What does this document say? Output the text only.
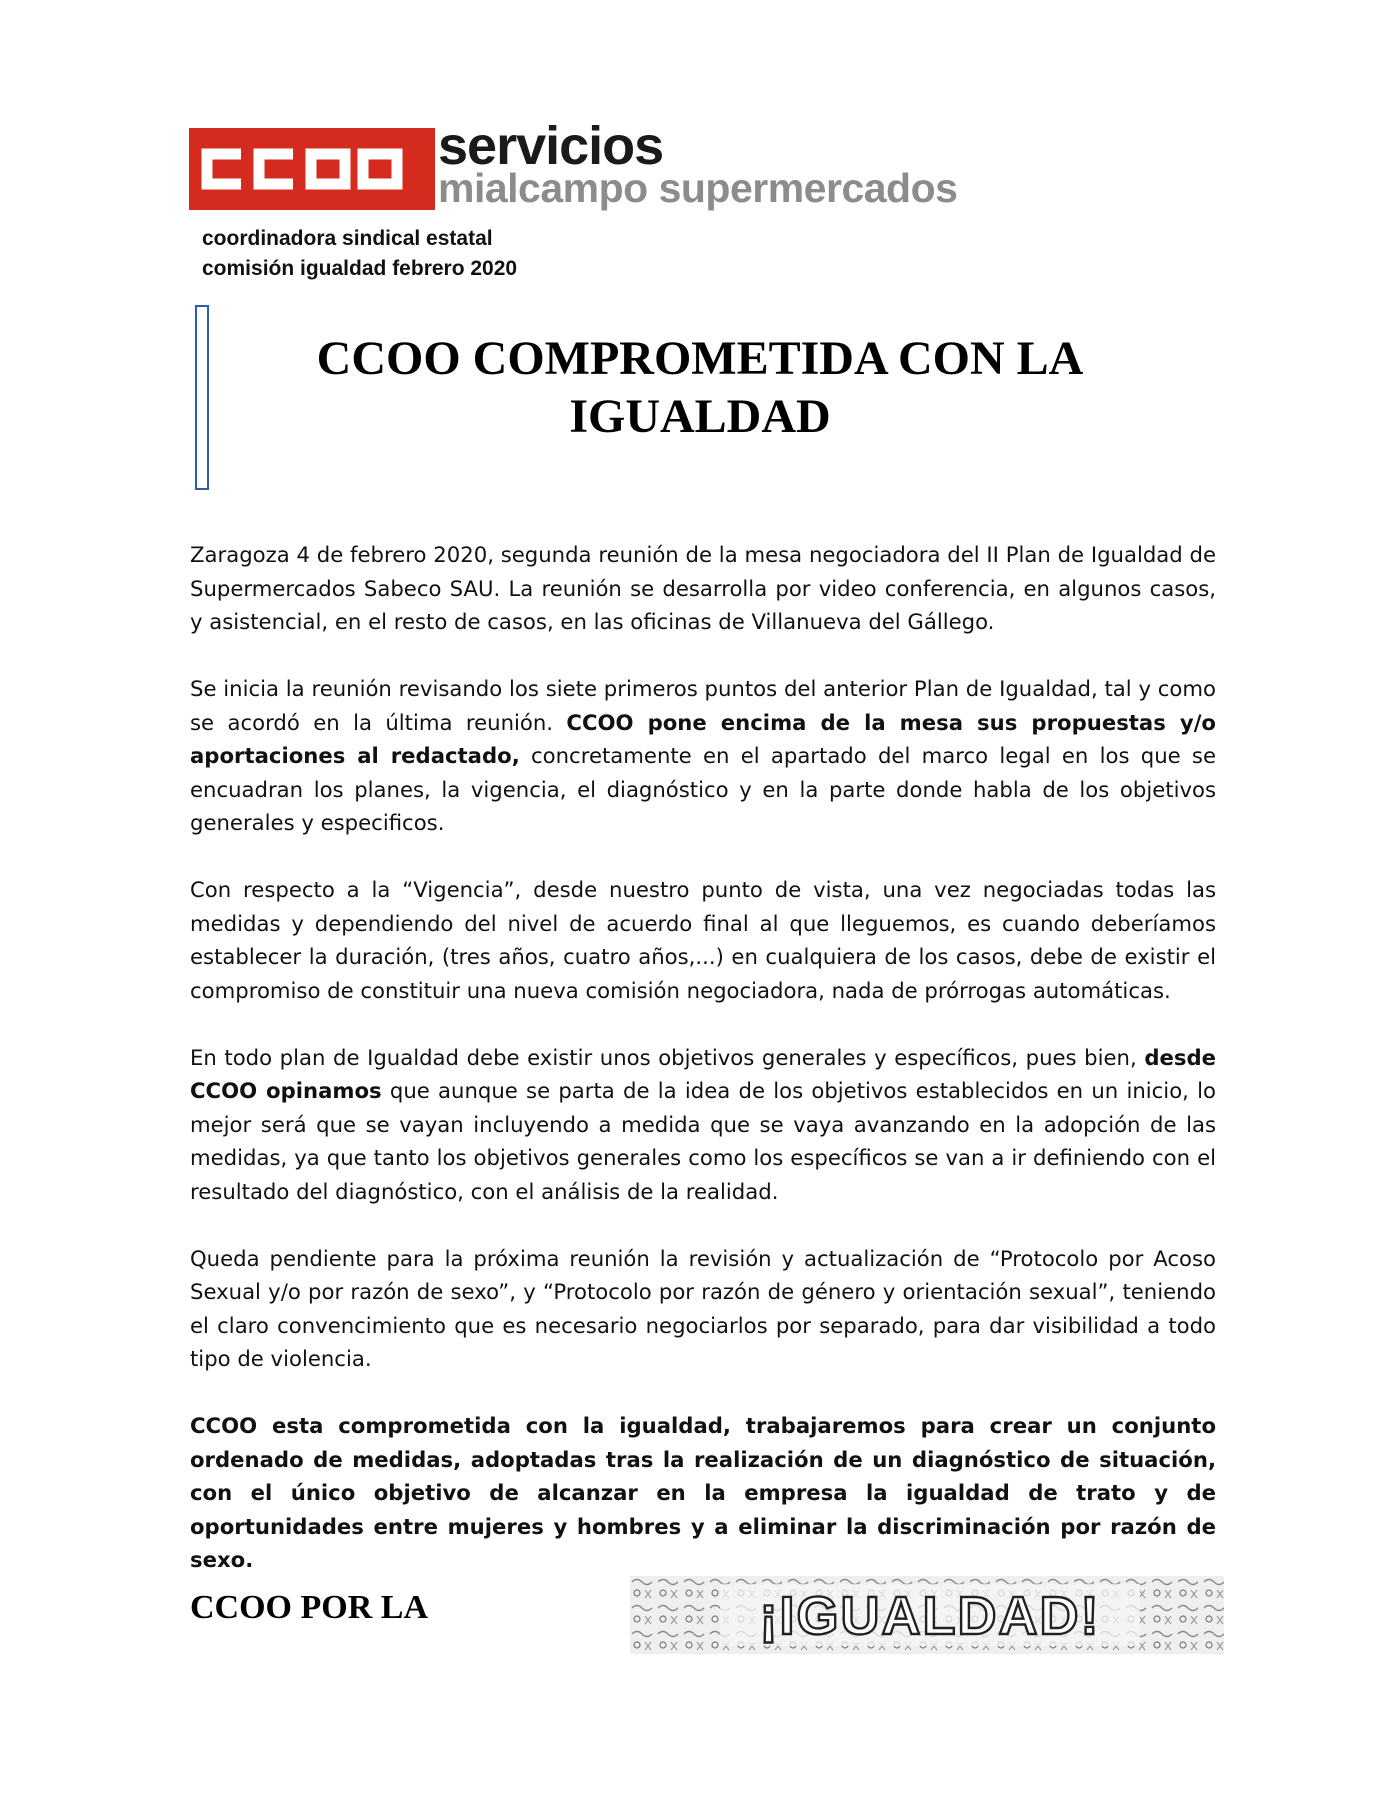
servicios
mialcampo supermercados
coordinadora sindical estatal
comisión igualdad febrero 2020
CCOO COMPROMETIDA CON LA
IGUALDAD

Zaragoza 4 de febrero 2020, segunda reunión de la mesa negociadora del II Plan de Igualdad de Supermercados Sabeco SAU. La reunión se desarrolla por video conferencia, en algunos casos, y asistencial, en el resto de casos, en las oficinas de Villanueva del Gállego.

Se inicia la reunión revisando los siete primeros puntos del anterior Plan de Igualdad, tal y como se acordó en la última reunión. CCOO pone encima de la mesa sus propuestas y/o aportaciones al redactado, concretamente en el apartado del marco legal en los que se encuadran los planes, la vigencia, el diagnóstico y en la parte donde habla de los objetivos generales y especificos.

Con respecto a la “Vigencia”, desde nuestro punto de vista, una vez negociadas todas las medidas y dependiendo del nivel de acuerdo final al que lleguemos, es cuando deberíamos establecer la duración, (tres años, cuatro años,...) en cualquiera de los casos, debe de existir el compromiso de constituir una nueva comisión negociadora, nada de prórrogas automáticas.

En todo plan de Igualdad debe existir unos objetivos generales y específicos, pues bien, desde CCOO opinamos que aunque se parta de la idea de los objetivos establecidos en un inicio, lo mejor será que se vayan incluyendo a medida que se vaya avanzando en la adopción de las medidas, ya que tanto los objetivos generales como los específicos se van a ir definiendo con el resultado del diagnóstico, con el análisis de la realidad.

Queda pendiente para la próxima reunión la revisión y actualización de “Protocolo por Acoso Sexual y/o por razón de sexo”, y “Protocolo por razón de género y orientación sexual”, teniendo el claro convencimiento que es necesario negociarlos por separado, para dar visibilidad a todo tipo de violencia.

CCOO esta comprometida con la igualdad, trabajaremos para crear un conjunto ordenado de medidas, adoptadas tras la realización de un diagnóstico de situación, con el único objetivo de alcanzar en la empresa la igualdad de trato y de oportunidades entre mujeres y hombres y a eliminar la discriminación por razón de sexo.

CCOO POR LA	¡IGUALDAD!
